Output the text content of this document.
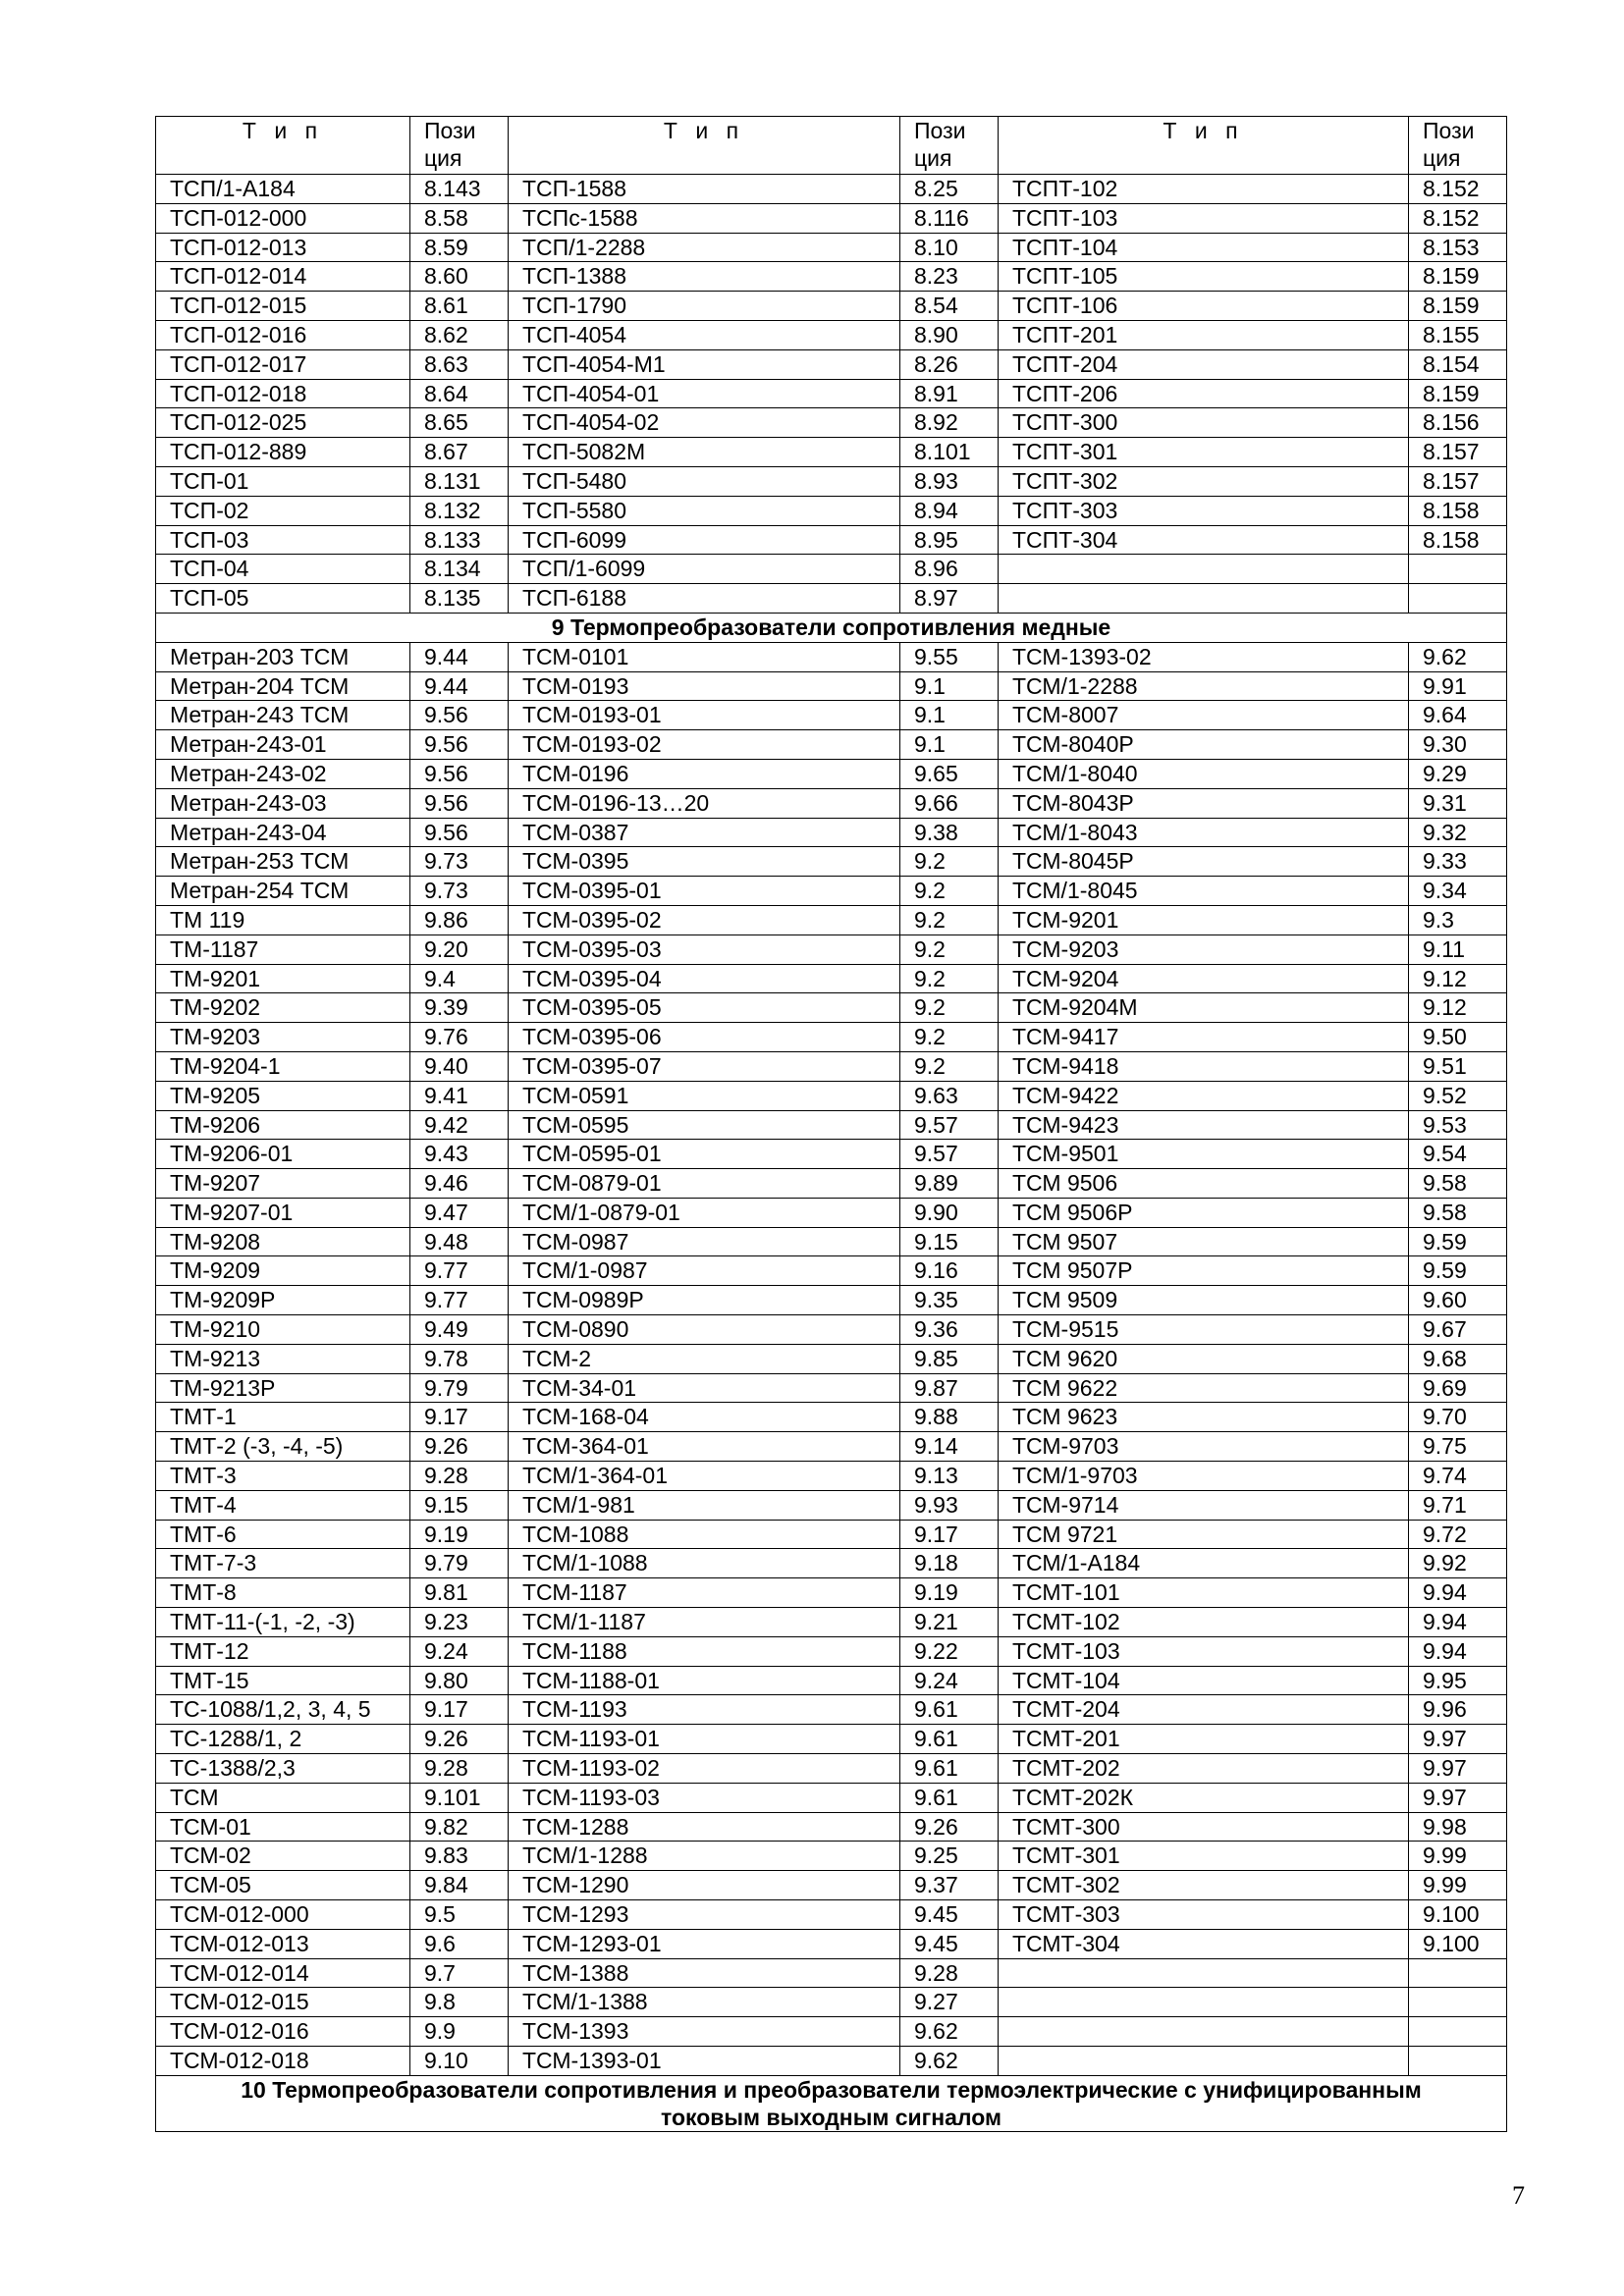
Т и п	Пози ция	Т и п	Пози ция	Т и п	Пози ция
ТСП/1-А184	8.143	ТСП-1588	8.25	ТСПТ-102	8.152
ТСП-012-000	8.58	ТСПс-1588	8.116	ТСПТ-103	8.152
ТСП-012-013	8.59	ТСП/1-2288	8.10	ТСПТ-104	8.153
ТСП-012-014	8.60	ТСП-1388	8.23	ТСПТ-105	8.159
ТСП-012-015	8.61	ТСП-1790	8.54	ТСПТ-106	8.159
ТСП-012-016	8.62	ТСП-4054	8.90	ТСПТ-201	8.155
ТСП-012-017	8.63	ТСП-4054-М1	8.26	ТСПТ-204	8.154
ТСП-012-018	8.64	ТСП-4054-01	8.91	ТСПТ-206	8.159
ТСП-012-025	8.65	ТСП-4054-02	8.92	ТСПТ-300	8.156
ТСП-012-889	8.67	ТСП-5082М	8.101	ТСПТ-301	8.157
ТСП-01	8.131	ТСП-5480	8.93	ТСПТ-302	8.157
ТСП-02	8.132	ТСП-5580	8.94	ТСПТ-303	8.158
ТСП-03	8.133	ТСП-6099	8.95	ТСПТ-304	8.158
ТСП-04	8.134	ТСП/1-6099	8.96		
ТСП-05	8.135	ТСП-6188	8.97		
9 Термопреобразователи сопротивления медные					
Метран-203 ТСМ	9.44	ТСМ-0101	9.55	ТСМ-1393-02	9.62
Метран-204 ТСМ	9.44	ТСМ-0193	9.1	ТСМ/1-2288	9.91
Метран-243 ТСМ	9.56	ТСМ-0193-01	9.1	ТСМ-8007	9.64
Метран-243-01	9.56	ТСМ-0193-02	9.1	ТСМ-8040Р	9.30
Метран-243-02	9.56	ТСМ-0196	9.65	ТСМ/1-8040	9.29
Метран-243-03	9.56	ТСМ-0196-13…20	9.66	ТСМ-8043Р	9.31
Метран-243-04	9.56	ТСМ-0387	9.38	ТСМ/1-8043	9.32
Метран-253 ТСМ	9.73	ТСМ-0395	9.2	ТСМ-8045Р	9.33
Метран-254 ТСМ	9.73	ТСМ-0395-01	9.2	ТСМ/1-8045	9.34
ТМ 119	9.86	ТСМ-0395-02	9.2	ТСМ-9201	9.3
ТМ-1187	9.20	ТСМ-0395-03	9.2	ТСМ-9203	9.11
ТМ-9201	9.4	ТСМ-0395-04	9.2	ТСМ-9204	9.12
ТМ-9202	9.39	ТСМ-0395-05	9.2	ТСМ-9204М	9.12
ТМ-9203	9.76	ТСМ-0395-06	9.2	ТСМ-9417	9.50
ТМ-9204-1	9.40	ТСМ-0395-07	9.2	ТСМ-9418	9.51
ТМ-9205	9.41	ТСМ-0591	9.63	ТСМ-9422	9.52
ТМ-9206	9.42	ТСМ-0595	9.57	ТСМ-9423	9.53
ТМ-9206-01	9.43	ТСМ-0595-01	9.57	ТСМ-9501	9.54
ТМ-9207	9.46	ТСМ-0879-01	9.89	ТСМ 9506	9.58
ТМ-9207-01	9.47	ТСМ/1-0879-01	9.90	ТСМ 9506Р	9.58
ТМ-9208	9.48	ТСМ-0987	9.15	ТСМ 9507	9.59
ТМ-9209	9.77	ТСМ/1-0987	9.16	ТСМ 9507Р	9.59
ТМ-9209Р	9.77	ТСМ-0989Р	9.35	ТСМ 9509	9.60
ТМ-9210	9.49	ТСМ-0890	9.36	ТСМ-9515	9.67
ТМ-9213	9.78	ТСМ-2	9.85	ТСМ 9620	9.68
ТМ-9213Р	9.79	ТСМ-34-01	9.87	ТСМ 9622	9.69
ТМТ-1	9.17	ТСМ-168-04	9.88	ТСМ 9623	9.70
ТМТ-2 (-3, -4, -5)	9.26	ТСМ-364-01	9.14	ТСМ-9703	9.75
ТМТ-3	9.28	ТСМ/1-364-01	9.13	ТСМ/1-9703	9.74
ТМТ-4	9.15	ТСМ/1-981	9.93	ТСМ-9714	9.71
ТМТ-6	9.19	ТСМ-1088	9.17	ТСМ 9721	9.72
ТМТ-7-3	9.79	ТСМ/1-1088	9.18	ТСМ/1-А184	9.92
ТМТ-8	9.81	ТСМ-1187	9.19	ТСМТ-101	9.94
ТМТ-11-(-1, -2, -3)	9.23	ТСМ/1-1187	9.21	ТСМТ-102	9.94
ТМТ-12	9.24	ТСМ-1188	9.22	ТСМТ-103	9.94
ТМТ-15	9.80	ТСМ-1188-01	9.24	ТСМТ-104	9.95
ТС-1088/1,2, 3, 4, 5	9.17	ТСМ-1193	9.61	ТСМТ-204	9.96
ТС-1288/1, 2	9.26	ТСМ-1193-01	9.61	ТСМТ-201	9.97
ТС-1388/2,3	9.28	ТСМ-1193-02	9.61	ТСМТ-202	9.97
ТСМ	9.101	ТСМ-1193-03	9.61	ТСМТ-202К	9.97
ТСМ-01	9.82	ТСМ-1288	9.26	ТСМТ-300	9.98
ТСМ-02	9.83	ТСМ/1-1288	9.25	ТСМТ-301	9.99
ТСМ-05	9.84	ТСМ-1290	9.37	ТСМТ-302	9.99
ТСМ-012-000	9.5	ТСМ-1293	9.45	ТСМТ-303	9.100
ТСМ-012-013	9.6	ТСМ-1293-01	9.45	ТСМТ-304	9.100
ТСМ-012-014	9.7	ТСМ-1388	9.28		
ТСМ-012-015	9.8	ТСМ/1-1388	9.27		
ТСМ-012-016	9.9	ТСМ-1393	9.62		
ТСМ-012-018	9.10	ТСМ-1393-01	9.62		
10 Термопреобразователи сопротивления и преобразователи термоэлектрические с унифицированным токовым выходным сигналом					
7
